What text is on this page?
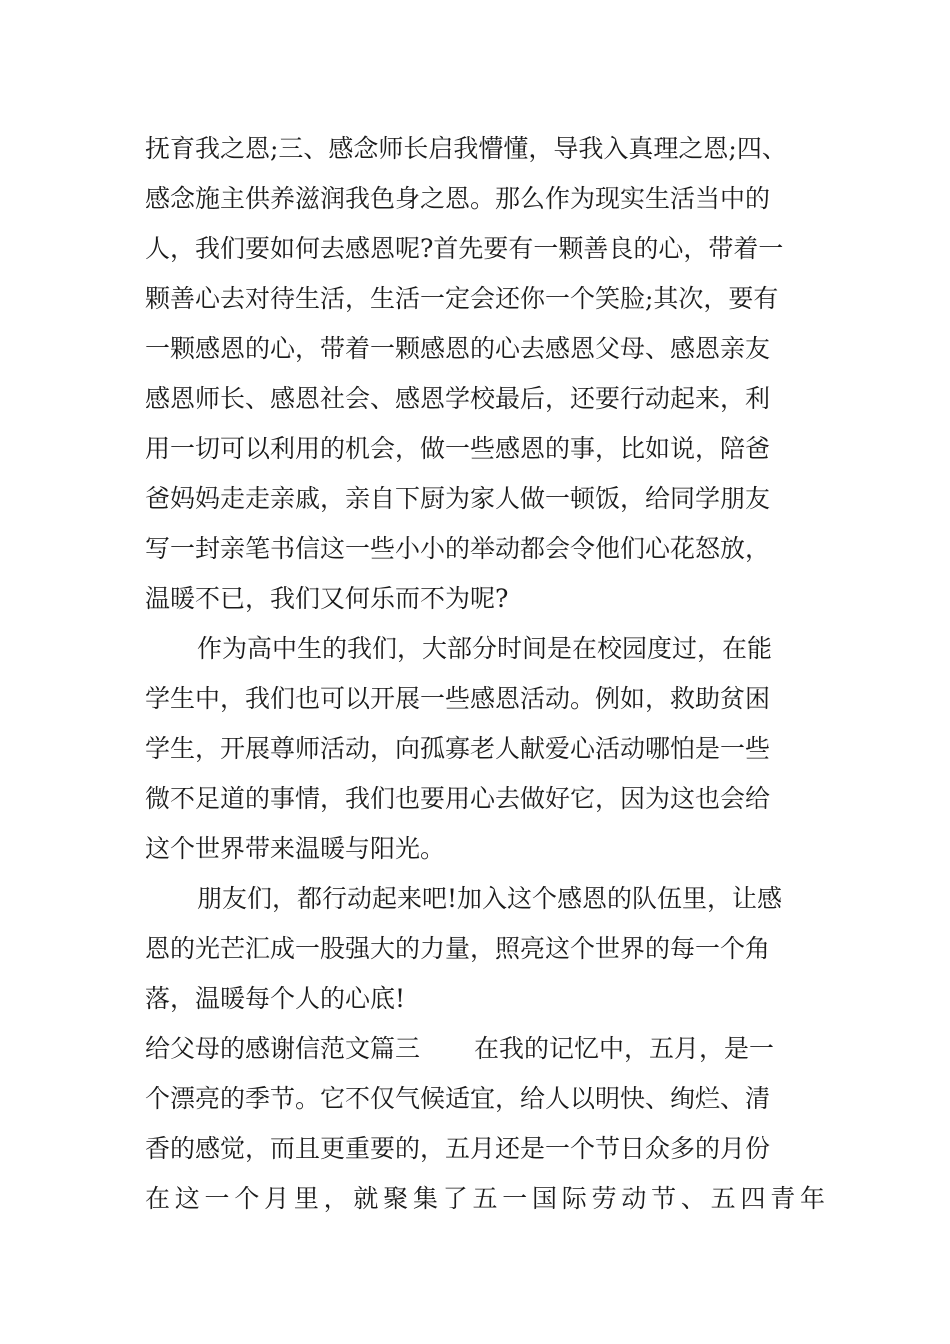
抚育我之恩;三、感念师长启我懵懂，导我入真理之恩;四、
感念施主供养滋润我色身之恩。那么作为现实生活当中的
人，我们要如何去感恩呢?首先要有一颗善良的心，带着一
颗善心去对待生活，生活一定会还你一个笑脸;其次，要有
一颗感恩的心，带着一颗感恩的心去感恩父母、感恩亲友
感恩师长、感恩社会、感恩学校最后，还要行动起来，利
用一切可以利用的机会，做一些感恩的事，比如说，陪爸
爸妈妈走走亲戚，亲自下厨为家人做一顿饭，给同学朋友
写一封亲笔书信这一些小小的举动都会令他们心花怒放，
温暖不已，我们又何乐而不为呢?
作为高中生的我们，大部分时间是在校园度过，在能
学生中，我们也可以开展一些感恩活动。例如，救助贫困
学生，开展尊师活动，向孤寡老人献爱心活动哪怕是一些
微不足道的事情，我们也要用心去做好它，因为这也会给
这个世界带来温暖与阳光。
朋友们，都行动起来吧!加入这个感恩的队伍里，让感
恩的光芒汇成一股强大的力量，照亮这个世界的每一个角
落，温暖每个人的心底!
给父母的感谢信范文篇三 在我的记忆中，五月，是一
个漂亮的季节。它不仅气候适宜，给人以明快、绚烂、清
香的感觉，而且更重要的，五月还是一个节日众多的月份
在这一个月里，就聚集了五一国际劳动节、五四青年
